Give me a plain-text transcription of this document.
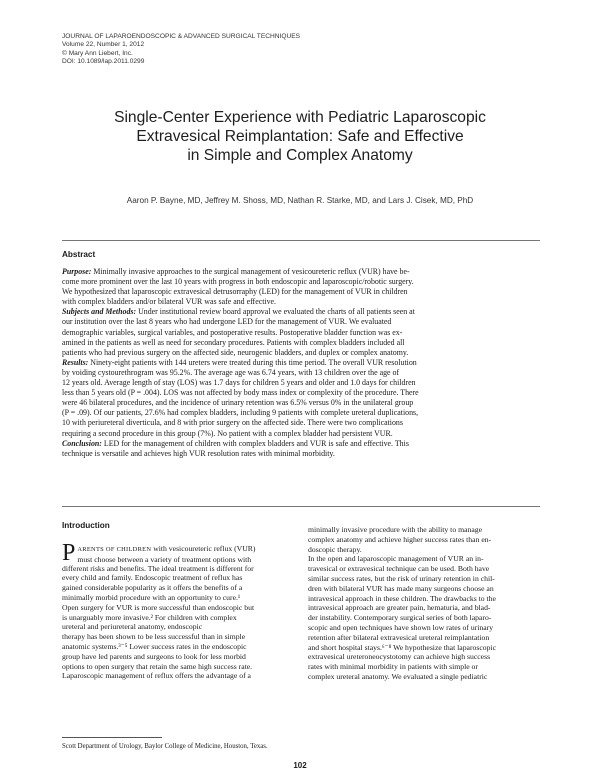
JOURNAL OF LAPAROENDOSCOPIC & ADVANCED SURGICAL TECHNIQUES
Volume 22, Number 1, 2012
© Mary Ann Liebert, Inc.
DOI: 10.1089/lap.2011.0299
Single-Center Experience with Pediatric Laparoscopic
Extravesical Reimplantation: Safe and Effective
in Simple and Complex Anatomy
Aaron P. Bayne, MD, Jeffrey M. Shoss, MD, Nathan R. Starke, MD, and Lars J. Cisek, MD, PhD
Abstract
Purpose: Minimally invasive approaches to the surgical management of vesicoureteric reflux (VUR) have be-
come more prominent over the last 10 years with progress in both endoscopic and laparoscopic/robotic surgery.
We hypothesized that laparoscopic extravesical detrusorraphy (LED) for the management of VUR in children
with complex bladders and/or bilateral VUR was safe and effective.
Subjects and Methods: Under institutional review board approval we evaluated the charts of all patients seen at
our institution over the last 8 years who had undergone LED for the management of VUR. We evaluated
demographic variables, surgical variables, and postoperative results. Postoperative bladder function was ex-
amined in the patients as well as need for secondary procedures. Patients with complex bladders included all
patients who had previous surgery on the affected side, neurogenic bladders, and duplex or complex anatomy.
Results: Ninety-eight patients with 144 ureters were treated during this time period. The overall VUR resolution
by voiding cystourethrogram was 95.2%. The average age was 6.74 years, with 13 children over the age of
12 years old. Average length of stay (LOS) was 1.7 days for children 5 years and older and 1.0 days for children
less than 5 years old (P = .004). LOS was not affected by body mass index or complexity of the procedure. There
were 46 bilateral procedures, and the incidence of urinary retention was 6.5% versus 0% in the unilateral group
(P = .09). Of our patients, 27.6% had complex bladders, including 9 patients with complete ureteral duplications,
10 with periureteral diverticula, and 8 with prior surgery on the affected side. There were two complications
requiring a second procedure in this group (7%). No patient with a complex bladder had persistent VUR.
Conclusion: LED for the management of children with complex bladders and VUR is safe and effective. This
technique is versatile and achieves high VUR resolution rates with minimal morbidity.
Introduction
PARENTS OF CHILDREN with vesicoureteric reflux (VUR)
must choose between a variety of treatment options with
different risks and benefits. The ideal treatment is different for
every child and family. Endoscopic treatment of reflux has
gained considerable popularity as it offers the benefits of a
minimally morbid procedure with an opportunity to cure.¹
Open surgery for VUR is more successful than endoscopic but
is unarguably more invasive.² For children with complex
ureteral and periureteral anatomy, endoscopic
therapy has been shown to be less successful than in simple
anatomic systems.³⁻⁵ Lower success rates in the endoscopic
group have led parents and surgeons to look for less morbid
options to open surgery that retain the same high success rate.
Laparoscopic management of reflux offers the advantage of a
minimally invasive procedure with the ability to manage
complex anatomy and achieve higher success rates than en-
doscopic therapy.
In the open and laparoscopic management of VUR an in-
travesical or extravesical technique can be used. Both have
similar success rates, but the risk of urinary retention in chil-
dren with bilateral VUR has made many surgeons choose an
intravesical approach in these children. The drawbacks to the
intravesical approach are greater pain, hematuria, and blad-
der instability. Contemporary surgical series of both laparo-
scopic and open techniques have shown low rates of urinary
retention after bilateral extravesical ureteral reimplantation
and short hospital stays.⁶⁻⁸ We hypothesize that laparoscopic
extravesical ureteroneocystotomy can achieve high success
rates with minimal morbidity in patients with simple or
complex ureteral anatomy. We evaluated a single pediatric
Scott Department of Urology, Baylor College of Medicine, Houston, Texas.
102
